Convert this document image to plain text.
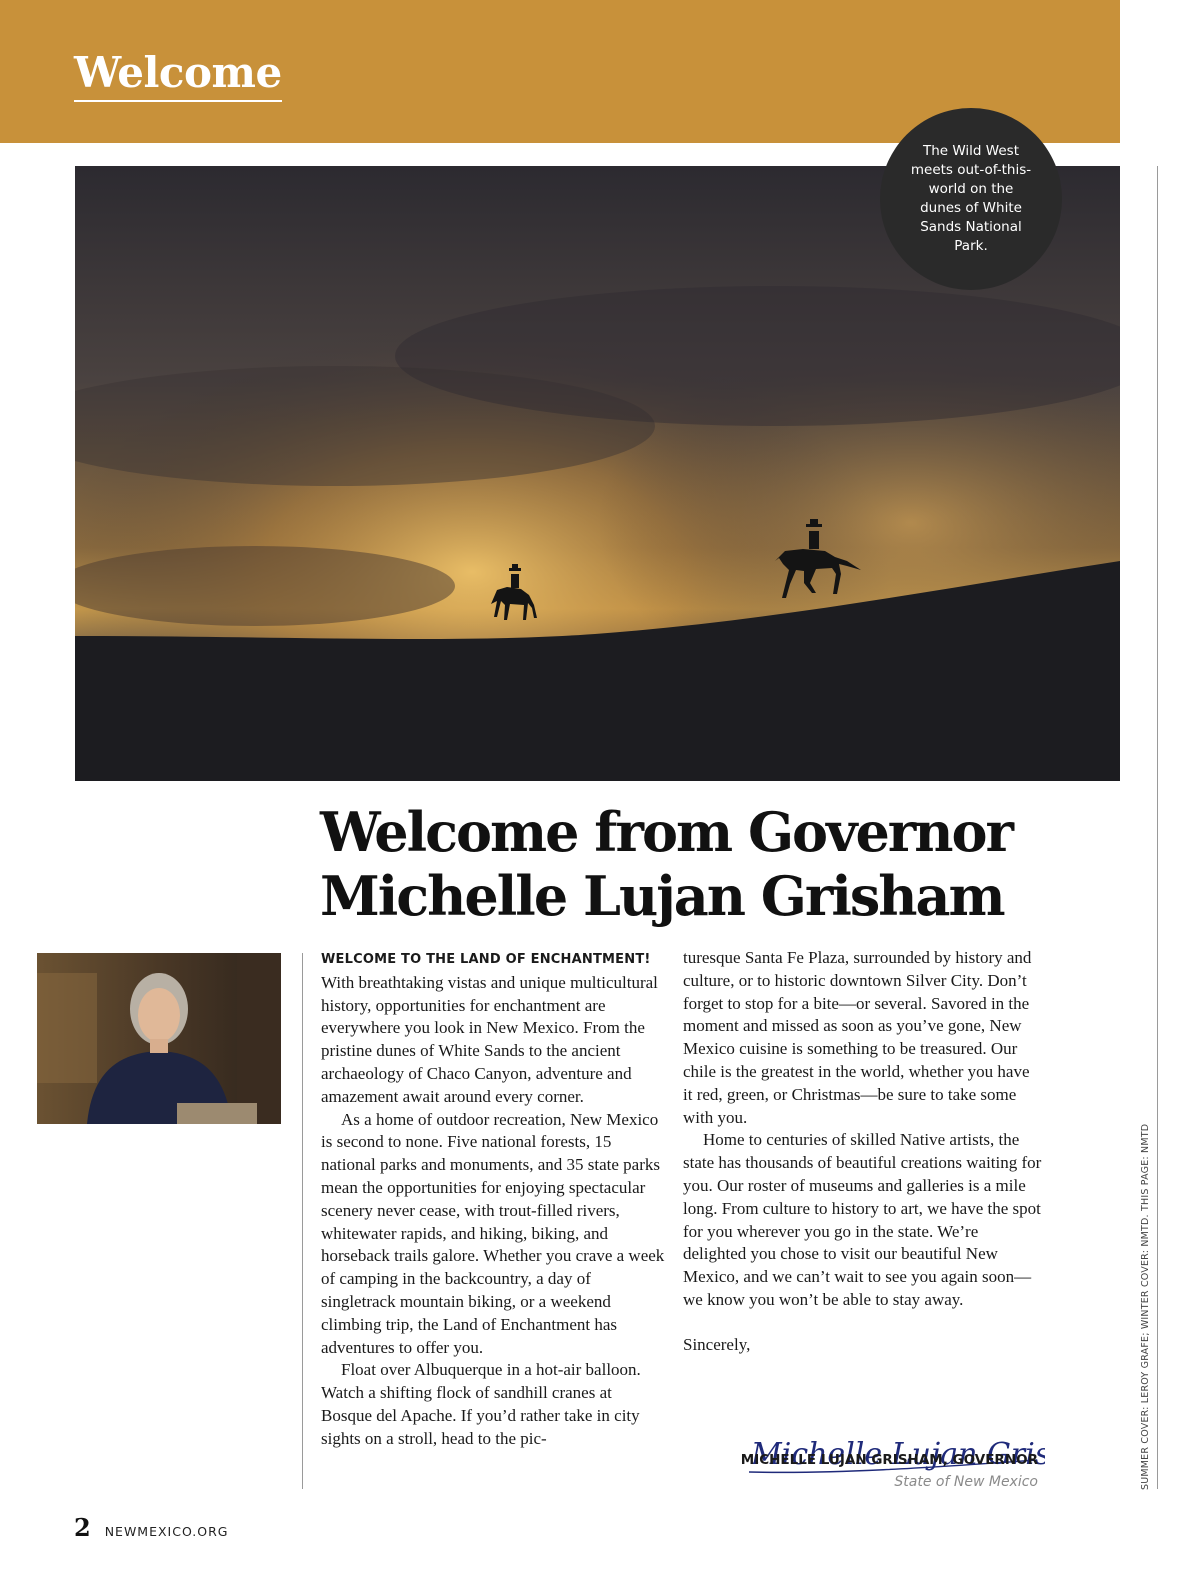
Welcome
The Wild West meets out-of-this-world on the dunes of White Sands National Park.
SUMMER COVER: LEROY GRAFE; WINTER COVER: NMTD. THIS PAGE: NMTD
Welcome from Governor
Michelle Lujan Grisham

WELCOME TO THE LAND OF ENCHANTMENT!
With breathtaking vistas and unique multicultural history, opportunities for enchantment are everywhere you look in New Mexico. From the pristine dunes of White Sands to the ancient archaeology of Chaco Canyon, adventure and amazement await around every corner.

As a home of outdoor recreation, New Mexico is second to none. Five national forests, 15 national parks and monuments, and 35 state parks mean the opportunities for enjoying spectacular scenery never cease, with trout-filled rivers, whitewater rapids, and hiking, biking, and horseback trails galore. Whether you crave a week of camping in the backcountry, a day of singletrack mountain biking, or a weekend climbing trip, the Land of Enchantment has adventures to offer you.

Float over Albuquerque in a hot-air balloon. Watch a shifting flock of sandhill cranes at Bosque del Apache. If you’d rather take in city sights on a stroll, head to the pic-

turesque Santa Fe Plaza, surrounded by history and culture, or to historic downtown Silver City. Don’t forget to stop for a bite—or several. Savored in the moment and missed as soon as you’ve gone, New Mexico cuisine is something to be treasured. Our chile is the greatest in the world, whether you have it red, green, or Christmas—be sure to take some with you.

Home to centuries of skilled Native artists, the state has thousands of beautiful creations waiting for you. Our roster of museums and galleries is a mile long. From culture to history to art, we have the spot for you wherever you go in the state. We’re delighted you chose to visit our beautiful New Mexico, and we can’t wait to see you again soon—we know you won’t be able to stay away.

Sincerely,

Michelle Lujan Gri
MICHELLE LUJAN GRISHAM, GOVERNOR
State of New Mexico
2 NEWMEXICO.ORG
